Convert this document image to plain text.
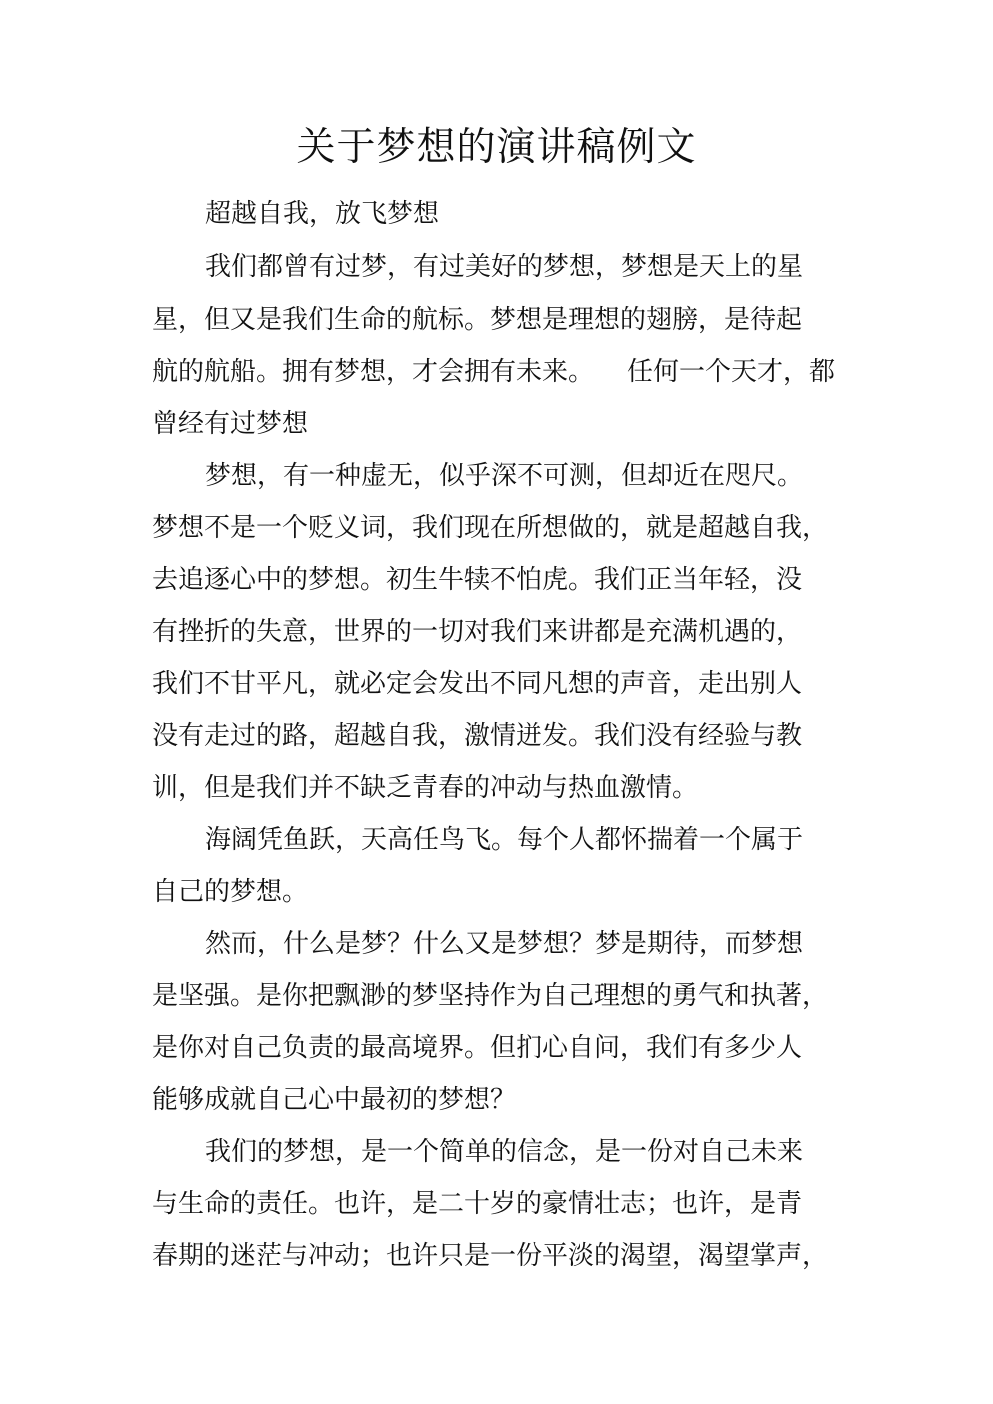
关于梦想的演讲稿例文
超越自我，放飞梦想
我们都曾有过梦，有过美好的梦想，梦想是天上的星
星，但又是我们生命的航标。梦想是理想的翅膀，是待起
航的航船。拥有梦想，才会拥有未来。    任何一个天才，都
曾经有过梦想
梦想，有一种虚无，似乎深不可测，但却近在咫尺。
梦想不是一个贬义词，我们现在所想做的，就是超越自我，
去追逐心中的梦想。初生牛犊不怕虎。我们正当年轻，没
有挫折的失意，世界的一切对我们来讲都是充满机遇的，
我们不甘平凡，就必定会发出不同凡想的声音，走出别人
没有走过的路，超越自我，激情迸发。我们没有经验与教
训，但是我们并不缺乏青春的冲动与热血激情。
海阔凭鱼跃，天高任鸟飞。每个人都怀揣着一个属于
自己的梦想。
然而，什么是梦？什么又是梦想？梦是期待，而梦想
是坚强。是你把飘渺的梦坚持作为自己理想的勇气和执著，
是你对自己负责的最高境界。但扪心自问，我们有多少人
能够成就自己心中最初的梦想？
我们的梦想，是一个简单的信念，是一份对自己未来
与生命的责任。也许，是二十岁的豪情壮志；也许，是青
春期的迷茫与冲动；也许只是一份平淡的渴望，渴望掌声，
